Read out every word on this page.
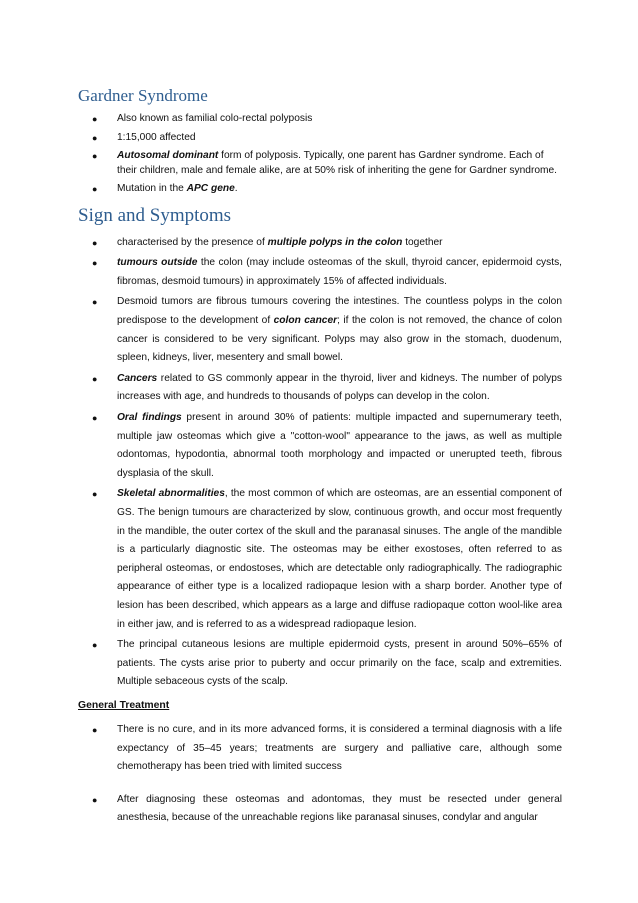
Gardner Syndrome
● Also known as familial colo-rectal polyposis
● 1:15,000 affected
● Autosomal dominant form of polyposis. Typically, one parent has Gardner syndrome. Each of their children, male and female alike, are at 50% risk of inheriting the gene for Gardner syndrome.
● Mutation in the APC gene.
Sign and Symptoms
● characterised by the presence of multiple polyps in the colon together
● tumours outside the colon (may include osteomas of the skull, thyroid cancer, epidermoid cysts, fibromas, desmoid tumours) in approximately 15% of affected individuals.
● Desmoid tumors are fibrous tumours covering the intestines. The countless polyps in the colon predispose to the development of colon cancer; if the colon is not removed, the chance of colon cancer is considered to be very significant. Polyps may also grow in the stomach, duodenum, spleen, kidneys, liver, mesentery and small bowel.
● Cancers related to GS commonly appear in the thyroid, liver and kidneys. The number of polyps increases with age, and hundreds to thousands of polyps can develop in the colon.
● Oral findings present in around 30% of patients: multiple impacted and supernumerary teeth, multiple jaw osteomas which give a "cotton-wool" appearance to the jaws, as well as multiple odontomas, hypodontia, abnormal tooth morphology and impacted or unerupted teeth, fibrous dysplasia of the skull.
● Skeletal abnormalities, the most common of which are osteomas, are an essential component of GS. The benign tumours are characterized by slow, continuous growth, and occur most frequently in the mandible, the outer cortex of the skull and the paranasal sinuses. The angle of the mandible is a particularly diagnostic site. The osteomas may be either exostoses, often referred to as peripheral osteomas, or endostoses, which are detectable only radiographically. The radiographic appearance of either type is a localized radiopaque lesion with a sharp border. Another type of lesion has been described, which appears as a large and diffuse radiopaque cotton wool-like area in either jaw, and is referred to as a widespread radiopaque lesion.
● The principal cutaneous lesions are multiple epidermoid cysts, present in around 50%–65% of patients. The cysts arise prior to puberty and occur primarily on the face, scalp and extremities. Multiple sebaceous cysts of the scalp.
General Treatment
● There is no cure, and in its more advanced forms, it is considered a terminal diagnosis with a life expectancy of 35–45 years; treatments are surgery and palliative care, although some chemotherapy has been tried with limited success
● After diagnosing these osteomas and adontomas, they must be resected under general anesthesia, because of the unreachable regions like paranasal sinuses, condylar and angular
